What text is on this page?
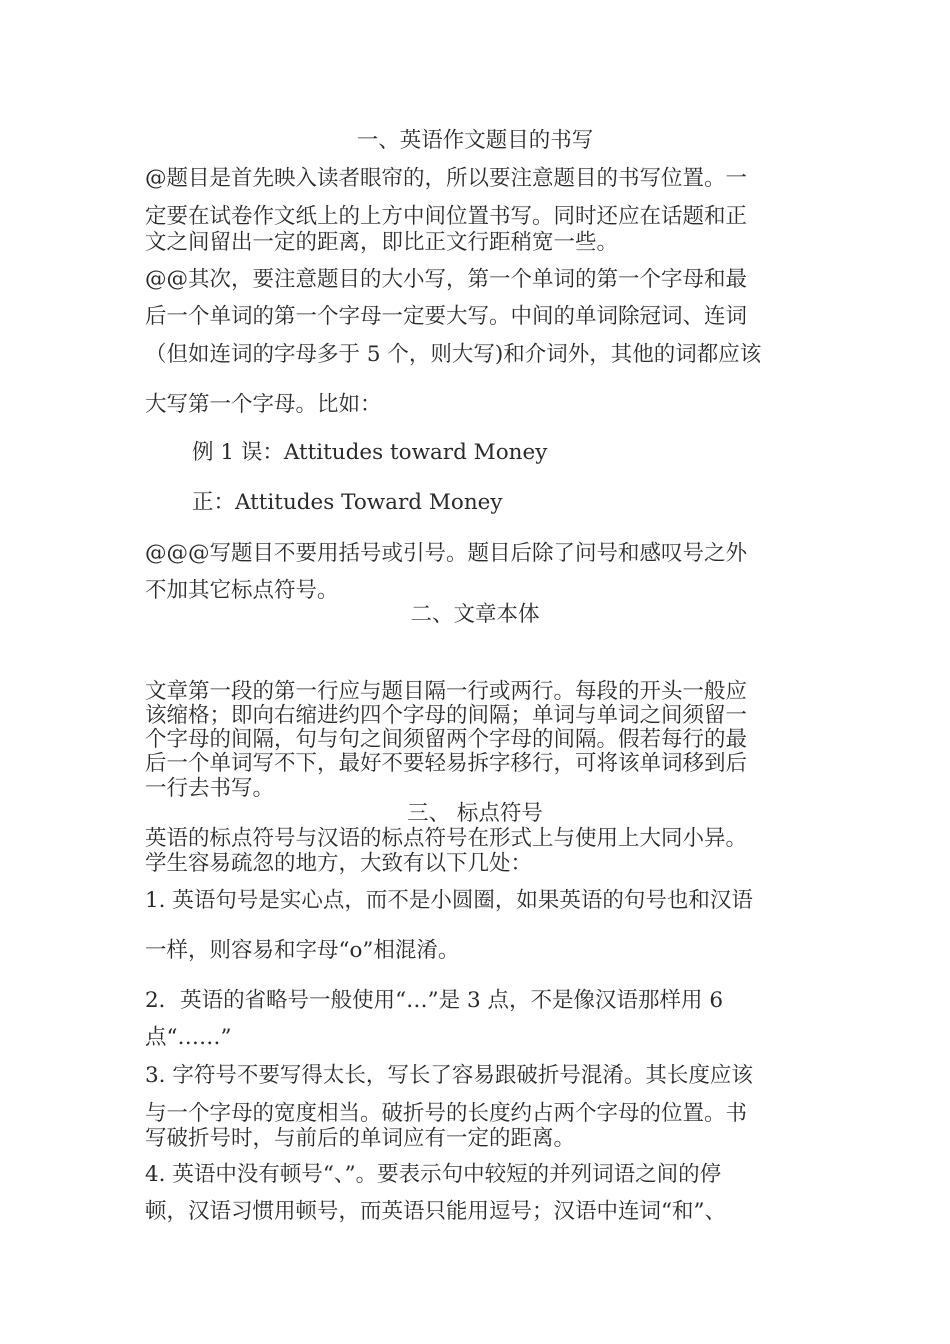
一、英语作文题目的书写
@题目是首先映入读者眼帘的，所以要注意题目的书写位置。一
定要在试卷作文纸上的上方中间位置书写。同时还应在话题和正
文之间留出一定的距离，即比正文行距稍宽一些。
@@其次，要注意题目的大小写，第一个单词的第一个字母和最
后一个单词的第一个字母一定要大写。中间的单词除冠词、连词
（但如连词的字母多于 5 个，则大写)和介词外，其他的词都应该
大写第一个字母。比如：
例 1 误：Attitudes toward Money
正：Attitudes Toward Money
@@@写题目不要用括号或引号。题目后除了问号和感叹号之外
不加其它标点符号。
二、文章本体
文章第一段的第一行应与题目隔一行或两行。每段的开头一般应
该缩格；即向右缩进约四个字母的间隔；单词与单词之间须留一
个字母的间隔，句与句之间须留两个字母的间隔。假若每行的最
后一个单词写不下，最好不要轻易拆字移行，可将该单词移到后
一行去书写。
三、 标点符号
英语的标点符号与汉语的标点符号在形式上与使用上大同小异。
学生容易疏忽的地方，大致有以下几处：
1. 英语句号是实心点，而不是小圆圈，如果英语的句号也和汉语
一样，则容易和字母“o”相混淆。
2．英语的省略号一般使用“…”是 3 点，不是像汉语那样用 6
点“……”
3. 字符号不要写得太长，写长了容易跟破折号混淆。其长度应该
与一个字母的宽度相当。破折号的长度约占两个字母的位置。书
写破折号时，与前后的单词应有一定的距离。
4. 英语中没有顿号“、”。要表示句中较短的并列词语之间的停
顿，汉语习惯用顿号，而英语只能用逗号；汉语中连词“和”、
